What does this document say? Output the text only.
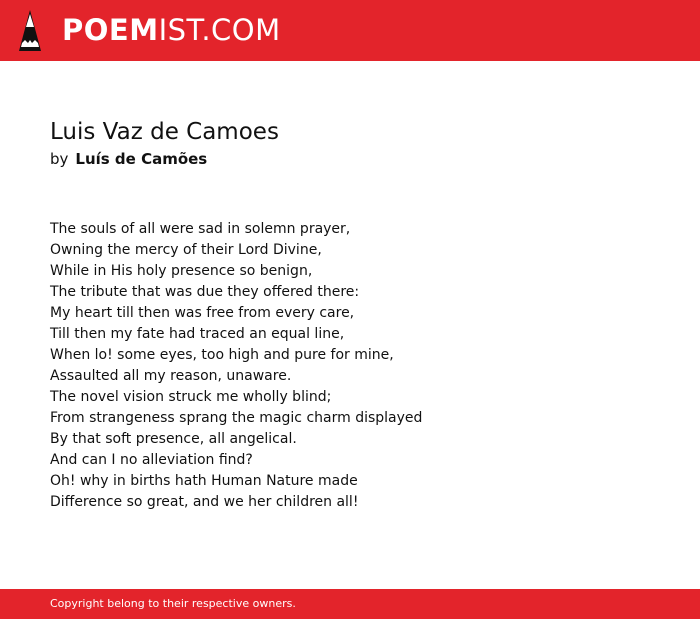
POEMIST.COM
Luis Vaz de Camoes
by Luís de Camões
The souls of all were sad in solemn prayer,
Owning the mercy of their Lord Divine,
While in His holy presence so benign,
The tribute that was due they offered there:
My heart till then was free from every care,
Till then my fate had traced an equal line,
When lo! some eyes, too high and pure for mine,
Assaulted all my reason, unaware.
The novel vision struck me wholly blind;
From strangeness sprang the magic charm displayed
By that soft presence, all angelical.
And can I no alleviation find?
Oh! why in births hath Human Nature made
Difference so great, and we her children all!
Copyright belong to their respective owners.
